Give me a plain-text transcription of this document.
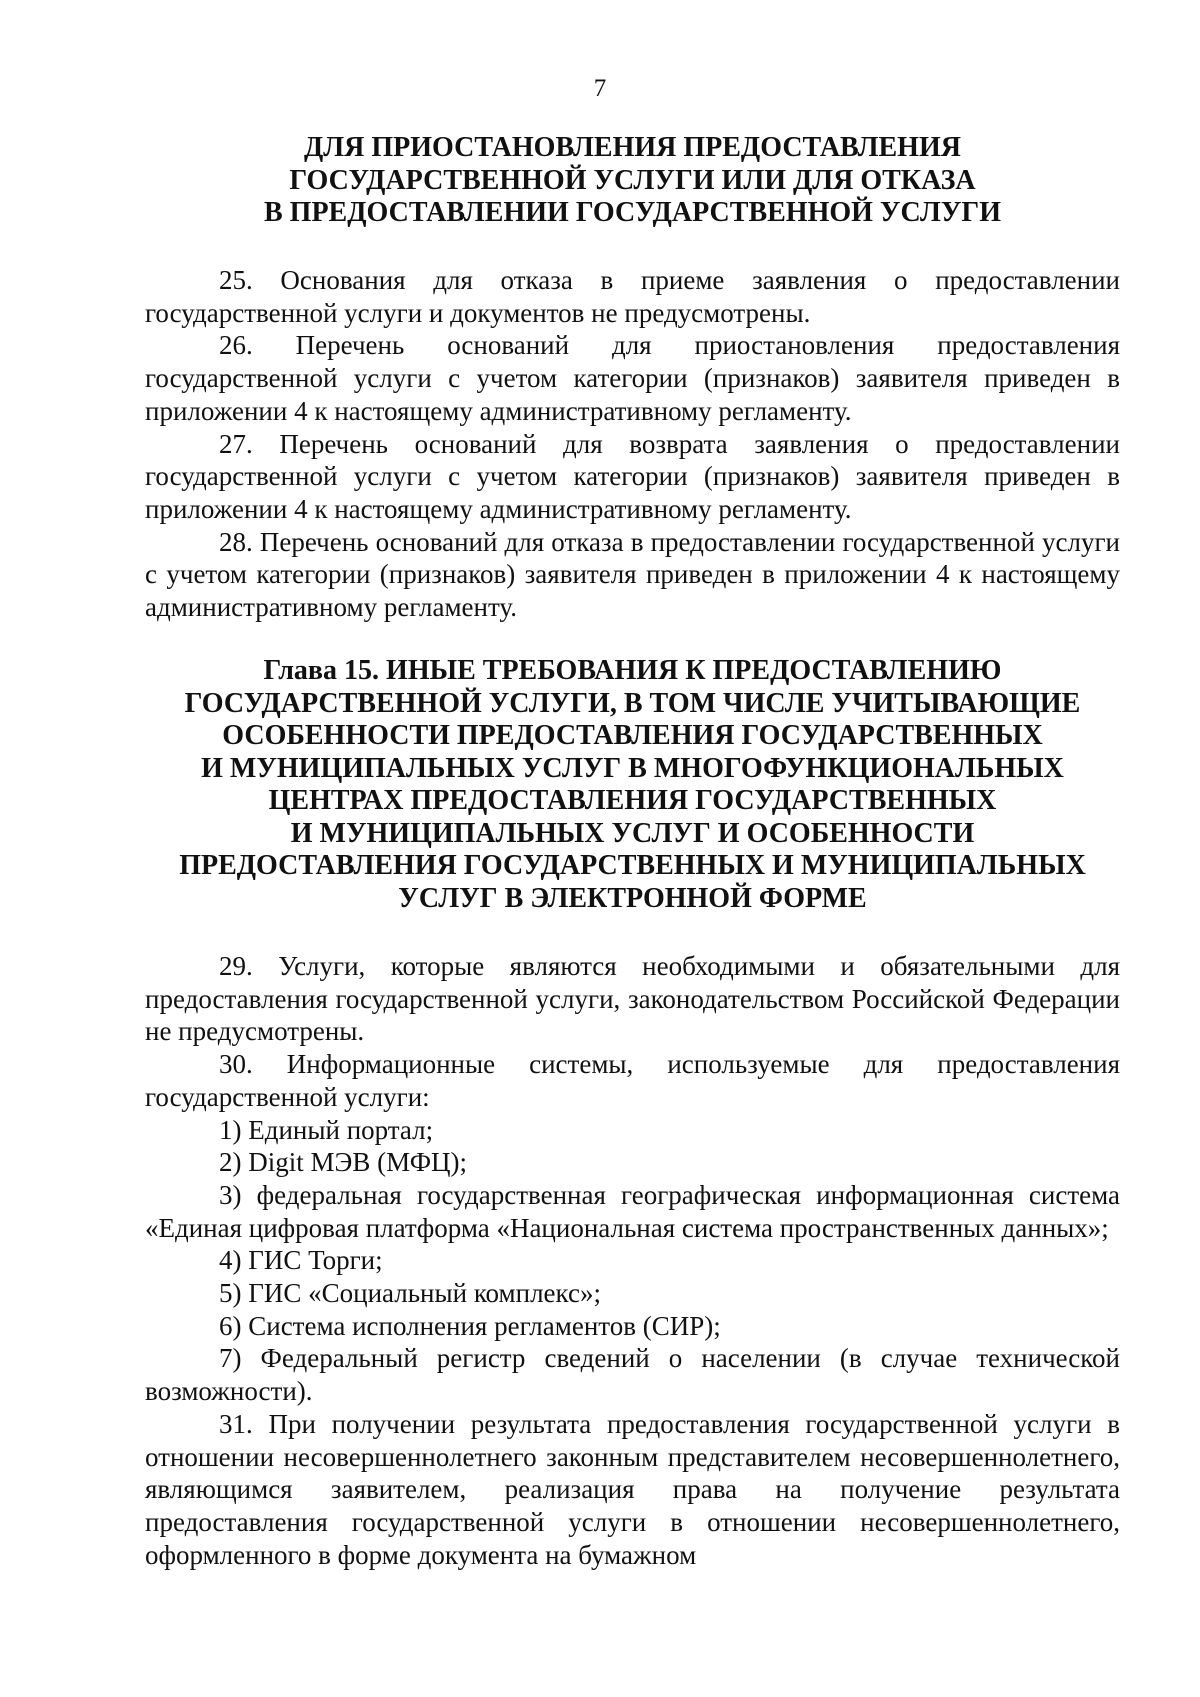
7
ДЛЯ ПРИОСТАНОВЛЕНИЯ ПРЕДОСТАВЛЕНИЯ
ГОСУДАРСТВЕННОЙ УСЛУГИ ИЛИ ДЛЯ ОТКАЗА
В ПРЕДОСТАВЛЕНИИ ГОСУДАРСТВЕННОЙ УСЛУГИ

25. Основания для отказа в приеме заявления о предоставлении государственной услуги и документов не предусмотрены.

26. Перечень оснований для приостановления предоставления государственной услуги с учетом категории (признаков) заявителя приведен в приложении 4 к настоящему административному регламенту.

27. Перечень оснований для возврата заявления о предоставлении государственной услуги с учетом категории (признаков) заявителя приведен в приложении 4 к настоящему административному регламенту.

28. Перечень оснований для отказа в предоставлении государственной услуги с учетом категории (признаков) заявителя приведен в приложении 4 к настоящему административному регламенту.

Глава 15. ИНЫЕ ТРЕБОВАНИЯ К ПРЕДОСТАВЛЕНИЮ
ГОСУДАРСТВЕННОЙ УСЛУГИ, В ТОМ ЧИСЛЕ УЧИТЫВАЮЩИЕ
ОСОБЕННОСТИ ПРЕДОСТАВЛЕНИЯ ГОСУДАРСТВЕННЫХ
И МУНИЦИПАЛЬНЫХ УСЛУГ В МНОГОФУНКЦИОНАЛЬНЫХ
ЦЕНТРАХ ПРЕДОСТАВЛЕНИЯ ГОСУДАРСТВЕННЫХ
И МУНИЦИПАЛЬНЫХ УСЛУГ И ОСОБЕННОСТИ
ПРЕДОСТАВЛЕНИЯ ГОСУДАРСТВЕННЫХ И МУНИЦИПАЛЬНЫХ
УСЛУГ В ЭЛЕКТРОННОЙ ФОРМЕ

29. Услуги, которые являются необходимыми и обязательными для предоставления государственной услуги, законодательством Российской Федерации не предусмотрены.

30. Информационные системы, используемые для предоставления государственной услуги:

1) Единый портал;

2) Digit МЭВ (МФЦ);

3) федеральная государственная географическая информационная система «Единая цифровая платформа «Национальная система пространственных данных»;

4) ГИС Торги;

5) ГИС «Социальный комплекс»;

6) Система исполнения регламентов (СИР);

7) Федеральный регистр сведений о населении (в случае технической возможности).

31. При получении результата предоставления государственной услуги в отношении несовершеннолетнего законным представителем несовершеннолетнего, являющимся заявителем, реализация права на получение результата предоставления государственной услуги в отношении несовершеннолетнего, оформленного в форме документа на бумажном
